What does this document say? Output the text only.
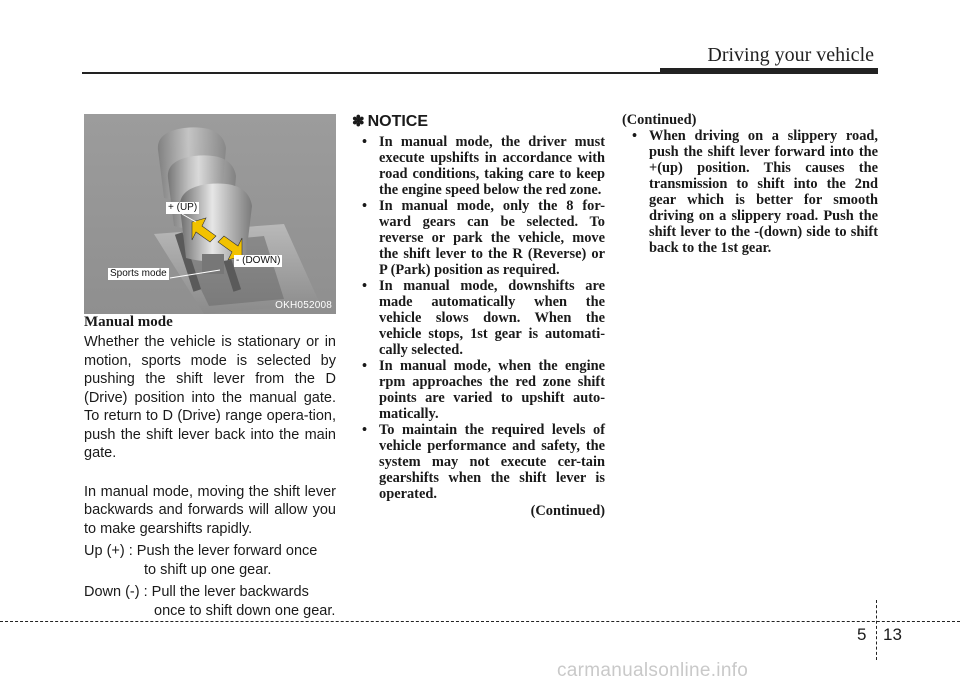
Driving your vehicle
+ (UP)
- (DOWN)
Sports mode
OKH052008
Manual mode

Whether the vehicle is stationary or in motion, sports mode is selected by pushing the shift lever from the D (Drive) position into the manual gate. To return to D (Drive) range opera-tion, push the shift lever back into the main gate.

In manual mode, moving the shift lever backwards and forwards will allow you to make gearshifts rapidly.

Up (+) : Push the lever forward once
to shift up one gear.
Down (-) : Pull the lever backwards
once to shift down one gear.
✽ NOTICE
• In manual mode, the driver must execute upshifts in accordance with road conditions, taking care to keep the engine speed below the red zone.
• In manual mode, only the 8 for-ward gears can be selected. To reverse or park the vehicle, move the shift lever to the R (Reverse) or P (Park) position as required.
• In manual mode, downshifts are made automatically when the vehicle slows down. When the vehicle stops, 1st gear is automati-cally selected.
• In manual mode, when the engine rpm approaches the red zone shift points are varied to upshift auto-matically.
• To maintain the required levels of vehicle performance and safety, the system may not execute cer-tain gearshifts when the shift lever is operated.
(Continued)
(Continued)
• When driving on a slippery road, push the shift lever forward into the +(up) position. This causes the transmission to shift into the 2nd gear which is better for smooth driving on a slippery road. Push the shift lever to the -(down) side to shift back to the 1st gear.
5 13
carmanualsonline.info
